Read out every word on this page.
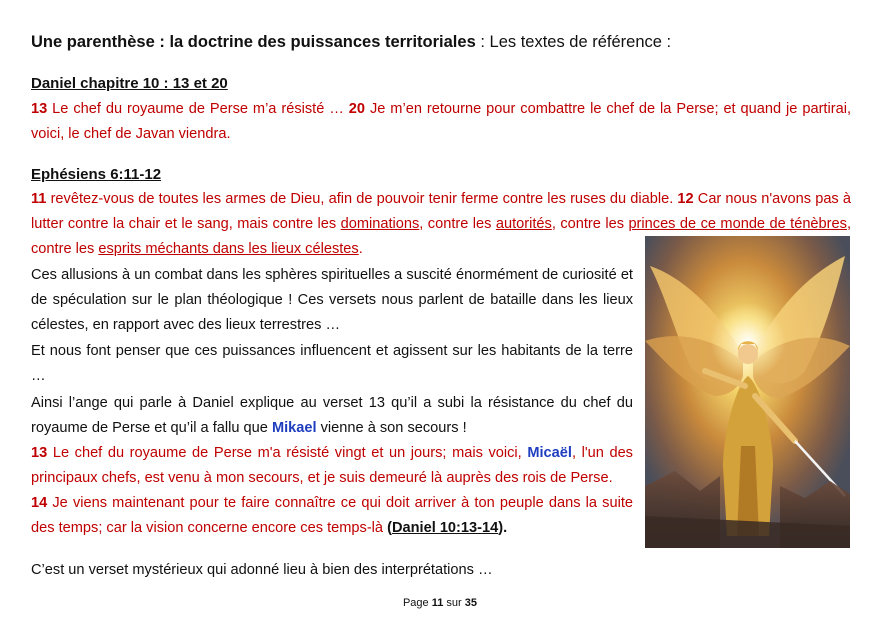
Une parenthèse : la doctrine des puissances territoriales : Les textes de référence :
Daniel chapitre 10 : 13 et 20
13 Le chef du royaume de Perse m’a résisté … 20 Je m’en retourne pour combattre le chef de la Perse; et quand je partirai, voici, le chef de Javan viendra.
Ephésiens 6:11-12
11 revêtez-vous de toutes les armes de Dieu, afin de pouvoir tenir ferme contre les ruses du diable. 12 Car nous n'avons pas à lutter contre la chair et le sang, mais contre les dominations, contre les autorités, contre les princes de ce monde de ténèbres, contre les esprits méchants dans les lieux célestes.
Ces allusions à un combat dans les sphères spirituelles a suscité énormément de curiosité et de spéculation sur le plan théologique ! Ces versets nous parlent de bataille dans les lieux célestes, en rapport avec des lieux terrestres …
Et nous font penser que ces puissances influencent et agissent sur les habitants de la terre …
Ainsi l’ange qui parle à Daniel explique au verset 13 qu’il a subi la résistance du chef du royaume de Perse et qu’il a fallu que Mikael vienne à son secours !
13 Le chef du royaume de Perse m'a résisté vingt et un jours; mais voici, Micaël, l'un des principaux chefs, est venu à mon secours, et je suis demeuré là auprès des rois de Perse.
14 Je viens maintenant pour te faire connaître ce qui doit arriver à ton peuple dans la suite des temps; car la vision concerne encore ces temps-là (Daniel 10:13-14).
C’est un verset mystérieux qui adonné lieu à bien des interprétations …
Page 11 sur 35
